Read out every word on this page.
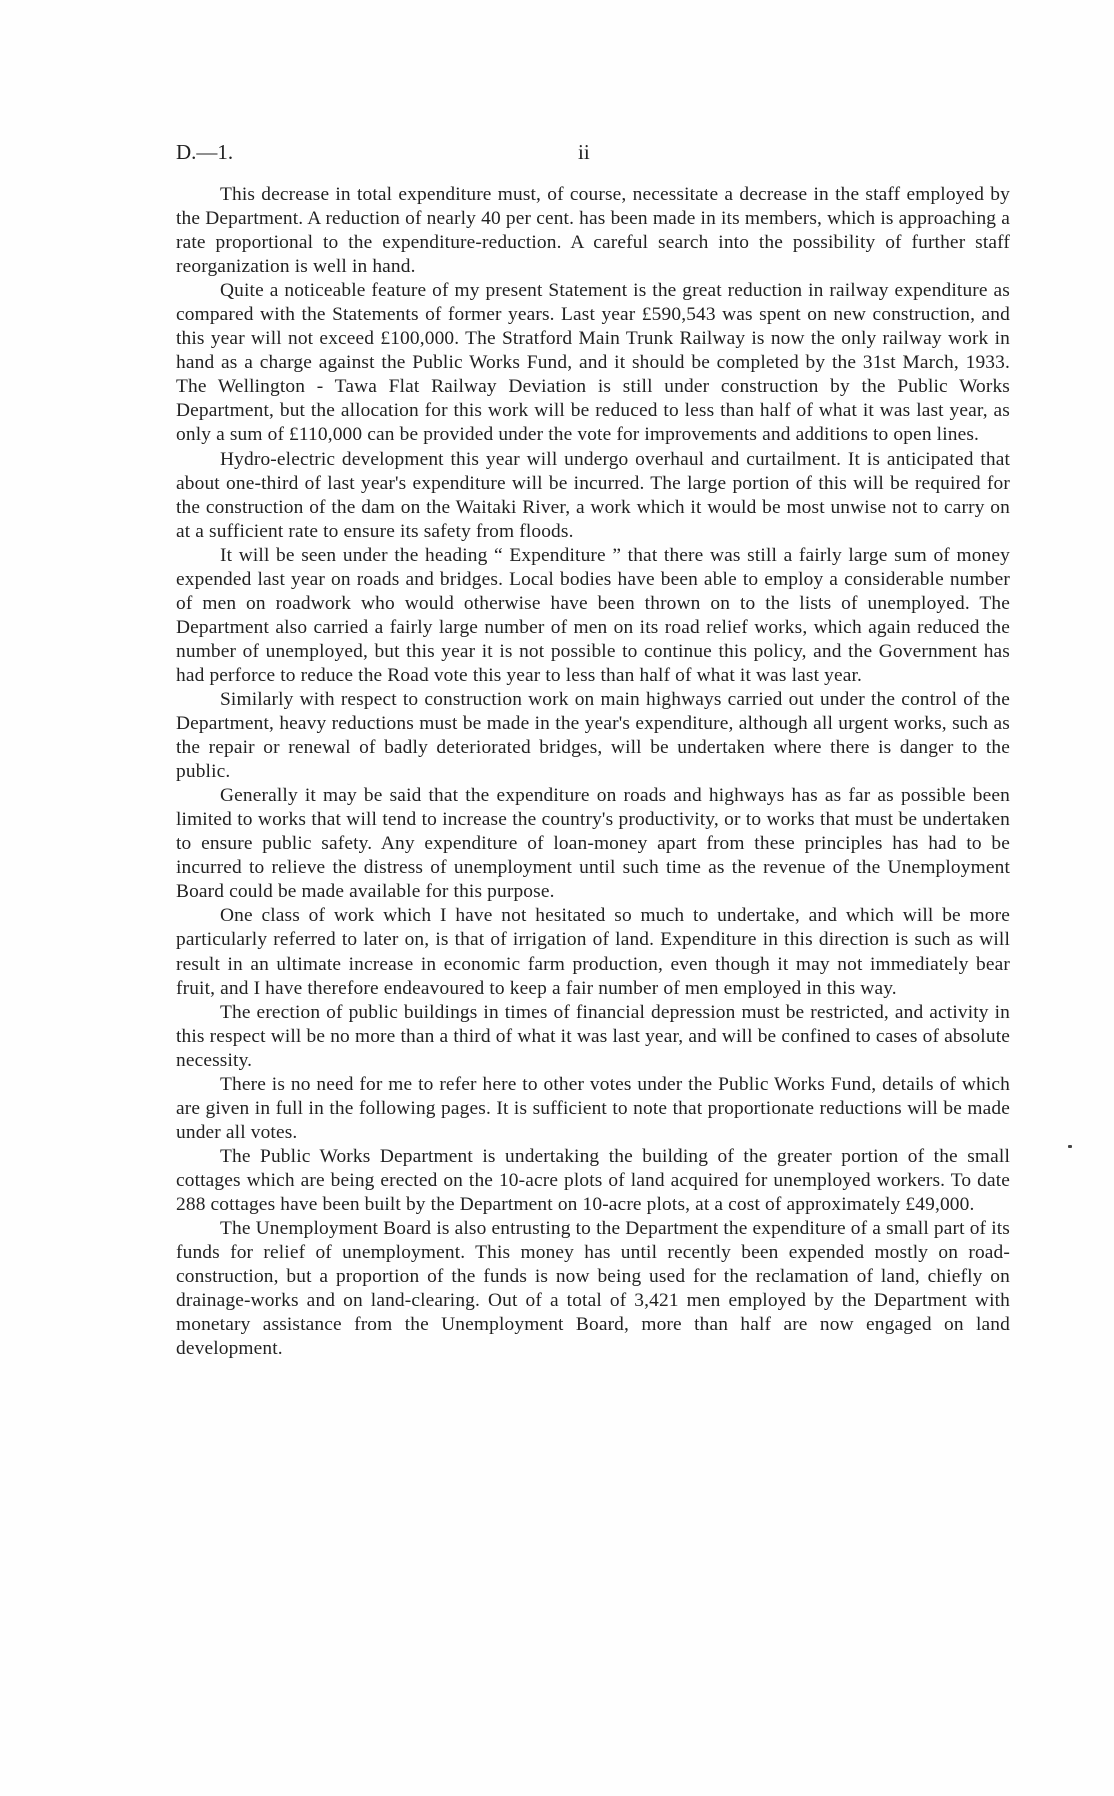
D.—1.	ii

This decrease in total expenditure must, of course, necessitate a decrease in the staff employed by the Department. A reduction of nearly 40 per cent. has been made in its members, which is approaching a rate proportional to the expenditure-reduction. A careful search into the possibility of further staff reorganization is well in hand.

Quite a noticeable feature of my present Statement is the great reduction in railway expenditure as compared with the Statements of former years. Last year £590,543 was spent on new construction, and this year will not exceed £100,000. The Stratford Main Trunk Railway is now the only railway work in hand as a charge against the Public Works Fund, and it should be completed by the 31st March, 1933. The Wellington - Tawa Flat Railway Deviation is still under construction by the Public Works Department, but the allocation for this work will be reduced to less than half of what it was last year, as only a sum of £110,000 can be provided under the vote for improvements and additions to open lines.

Hydro-electric development this year will undergo overhaul and curtailment. It is anticipated that about one-third of last year's expenditure will be incurred. The large portion of this will be required for the construction of the dam on the Waitaki River, a work which it would be most unwise not to carry on at a sufficient rate to ensure its safety from floods.

It will be seen under the heading “ Expenditure ” that there was still a fairly large sum of money expended last year on roads and bridges. Local bodies have been able to employ a considerable number of men on roadwork who would otherwise have been thrown on to the lists of unemployed. The Department also carried a fairly large number of men on its road relief works, which again reduced the number of unemployed, but this year it is not possible to continue this policy, and the Government has had perforce to reduce the Road vote this year to less than half of what it was last year.

Similarly with respect to construction work on main highways carried out under the control of the Department, heavy reductions must be made in the year's expenditure, although all urgent works, such as the repair or renewal of badly deteriorated bridges, will be undertaken where there is danger to the public.

Generally it may be said that the expenditure on roads and highways has as far as possible been limited to works that will tend to increase the country's productivity, or to works that must be undertaken to ensure public safety. Any expenditure of loan-money apart from these principles has had to be incurred to relieve the distress of unemployment until such time as the revenue of the Unemployment Board could be made available for this purpose.

One class of work which I have not hesitated so much to undertake, and which will be more particularly referred to later on, is that of irrigation of land. Expenditure in this direction is such as will result in an ultimate increase in economic farm production, even though it may not immediately bear fruit, and I have therefore endeavoured to keep a fair number of men employed in this way.

The erection of public buildings in times of financial depression must be restricted, and activity in this respect will be no more than a third of what it was last year, and will be confined to cases of absolute necessity.

There is no need for me to refer here to other votes under the Public Works Fund, details of which are given in full in the following pages. It is sufficient to note that proportionate reductions will be made under all votes.

The Public Works Department is undertaking the building of the greater portion of the small cottages which are being erected on the 10-acre plots of land acquired for unemployed workers. To date 288 cottages have been built by the Department on 10-acre plots, at a cost of approximately £49,000.

The Unemployment Board is also entrusting to the Department the expenditure of a small part of its funds for relief of unemployment. This money has until recently been expended mostly on road-construction, but a proportion of the funds is now being used for the reclamation of land, chiefly on drainage-works and on land-clearing. Out of a total of 3,421 men employed by the Department with monetary assistance from the Unemployment Board, more than half are now engaged on land development.
